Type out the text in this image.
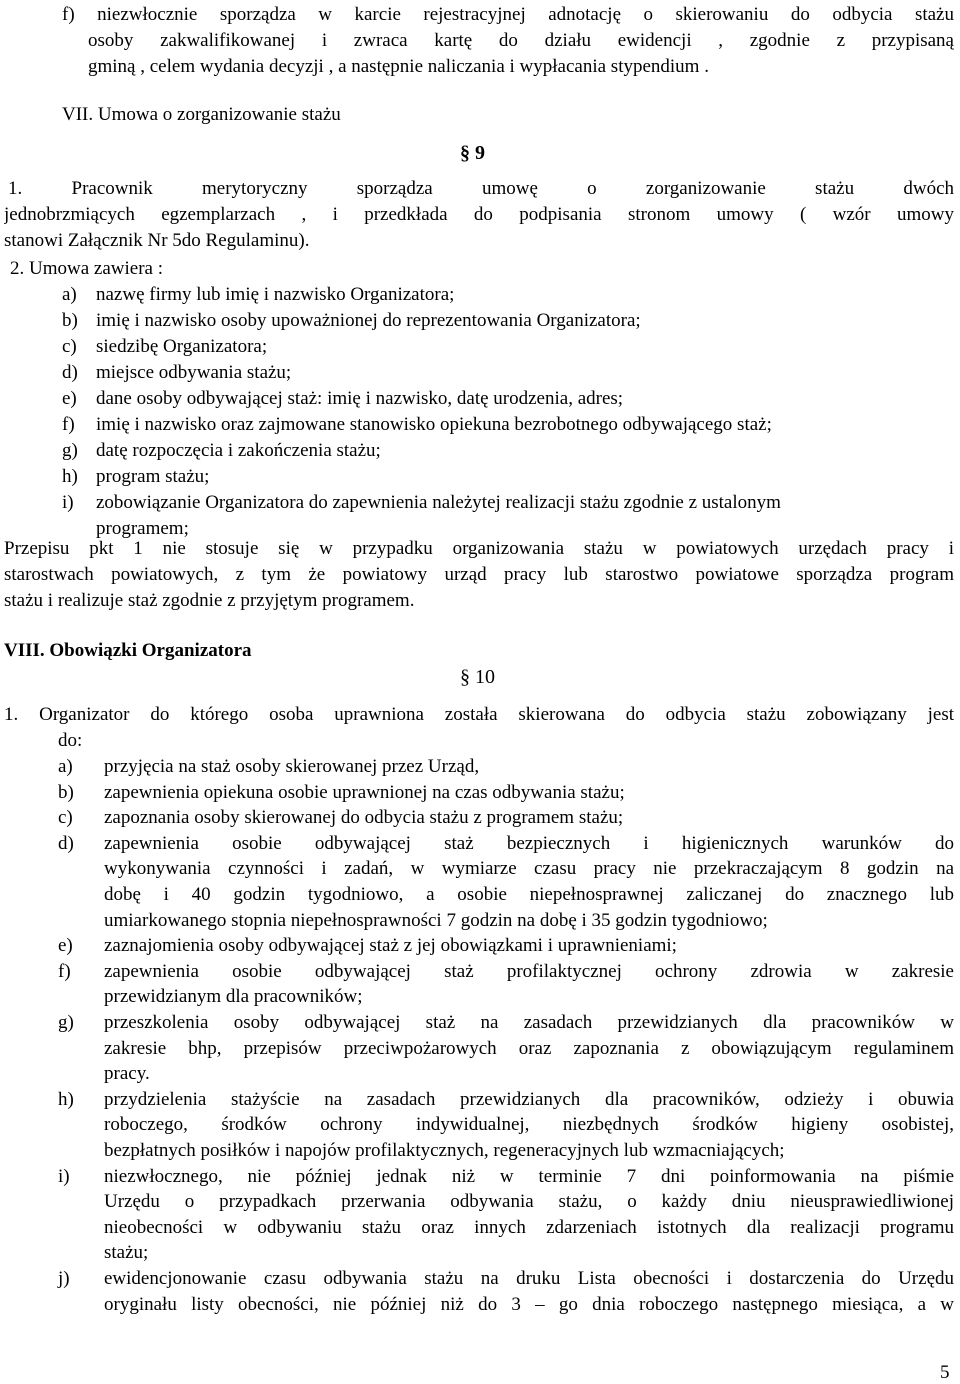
f) niezwłocznie sporządza w karcie rejestracyjnej adnotację o skierowaniu do odbycia stażu
osoby zakwalifikowanej i zwraca kartę do działu ewidencji , zgodnie z przypisaną
gminą , celem wydania decyzji , a następnie naliczania i wypłacania stypendium .
VII. Umowa o zorganizowanie stażu
§ 9
1. Pracownik merytoryczny sporządza umowę o zorganizowanie stażu dwóch
jednobrzmiących egzemplarzach , i przedkłada do podpisania stronom umowy ( wzór umowy
stanowi Załącznik Nr 5do Regulaminu).
2. Umowa zawiera :
a) nazwę firmy lub imię i nazwisko Organizatora;
b) imię i nazwisko osoby upoważnionej do reprezentowania Organizatora;
c) siedzibę Organizatora;
d) miejsce odbywania stażu;
e) dane osoby odbywającej staż: imię i nazwisko, datę urodzenia, adres;
f) imię i nazwisko oraz zajmowane stanowisko opiekuna bezrobotnego odbywającego staż;
g) datę rozpoczęcia i zakończenia stażu;
h) program stażu;
i) zobowiązanie Organizatora do zapewnienia należytej realizacji stażu zgodnie z ustalonym
programem;
Przepisu pkt 1 nie stosuje się w przypadku organizowania stażu w powiatowych urzędach pracy i
starostwach powiatowych, z tym że powiatowy urząd pracy lub starostwo powiatowe sporządza program
stażu i realizuje staż zgodnie z przyjętym programem.
VIII. Obowiązki Organizatora
§ 10
1. Organizator do którego osoba uprawniona została skierowana do odbycia stażu zobowiązany jest
do:
a) przyjęcia na staż osoby skierowanej przez Urząd,
b) zapewnienia opiekuna osobie uprawnionej na czas odbywania stażu;
c) zapoznania osoby skierowanej do odbycia stażu z programem stażu;
d) zapewnienia osobie odbywającej staż bezpiecznych i higienicznych warunków do
wykonywania czynności i zadań, w wymiarze czasu pracy nie przekraczającym 8 godzin na
dobę i 40 godzin tygodniowo, a osobie niepełnosprawnej zaliczanej do znacznego lub
umiarkowanego stopnia niepełnosprawności 7 godzin na dobę i 35 godzin tygodniowo;
e) zaznajomienia osoby odbywającej staż z jej obowiązkami i uprawnieniami;
f) zapewnienia osobie odbywającej staż profilaktycznej ochrony zdrowia w zakresie
przewidzianym dla pracowników;
g) przeszkolenia osoby odbywającej staż na zasadach przewidzianych dla pracowników w
zakresie bhp, przepisów przeciwpożarowych oraz zapoznania z obowiązującym regulaminem
pracy.
h) przydzielenia stażyście na zasadach przewidzianych dla pracowników, odzieży i obuwia
roboczego, środków ochrony indywidualnej, niezbędnych środków higieny osobistej,
bezpłatnych posiłków i napojów profilaktycznych, regeneracyjnych lub wzmacniających;
i) niezwłocznego, nie później jednak niż w terminie 7 dni poinformowania na piśmie
Urzędu o przypadkach przerwania odbywania stażu, o każdy dniu nieusprawiedliwionej
nieobecności w odbywaniu stażu oraz innych zdarzeniach istotnych dla realizacji programu
stażu;
j) ewidencjonowanie czasu odbywania stażu na druku Lista obecności i dostarczenia do Urzędu
oryginału listy obecności, nie później niż do 3 – go dnia roboczego następnego miesiąca, a w
5
